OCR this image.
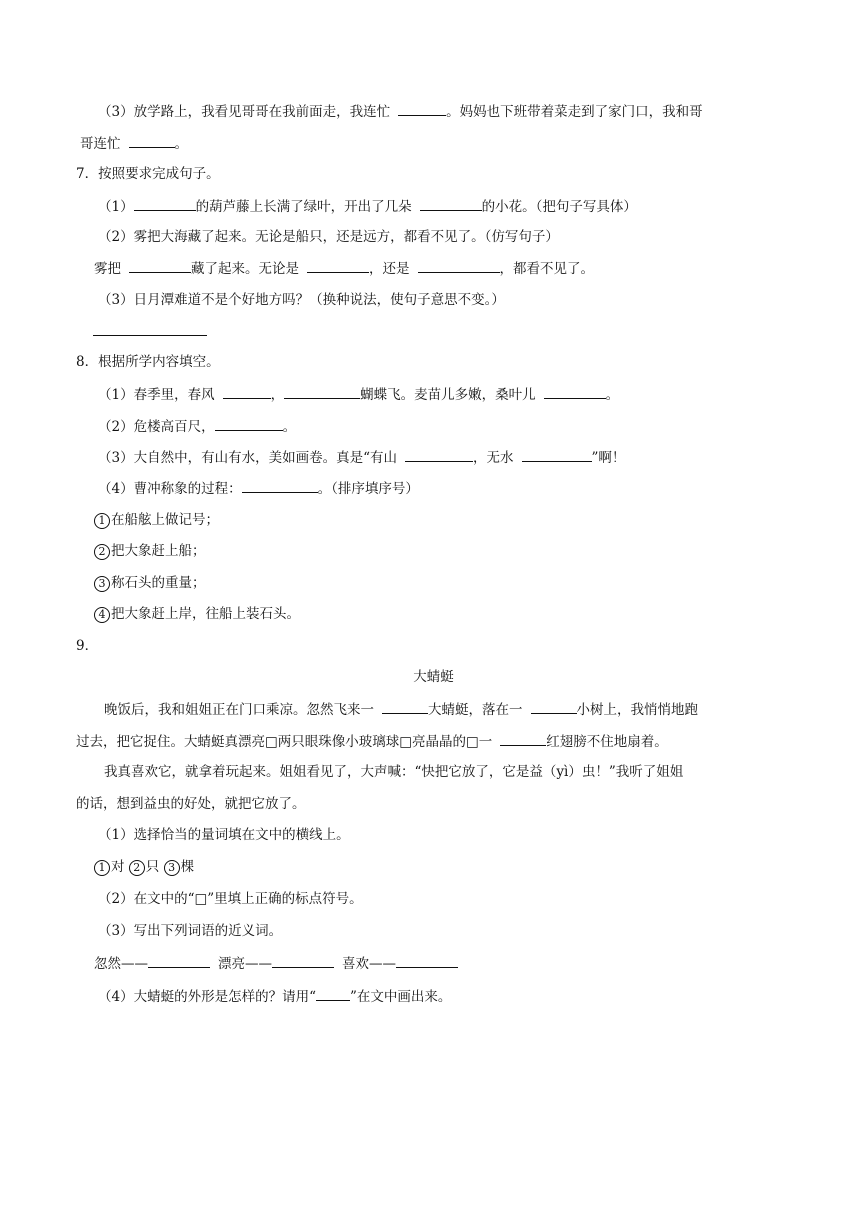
（3）放学路上，我看见哥哥在我前面走，我连忙	。妈妈也下班带着菜走到了家门口，我和哥
哥连忙	。
7．按照要求完成句子。
（1）	的葫芦藤上长满了绿叶，开出了几朵	的小花。（把句子写具体）
（2）雾把大海藏了起来。无论是船只，还是远方，都看不见了。（仿写句子）
雾把	藏了起来。无论是	，还是	，都看不见了。
（3）日月潭难道不是个好地方吗？（换种说法，使句子意思不变。）
8．根据所学内容填空。
（1）春季里，春风	，	蝴蝶飞。麦苗儿多嫩，桑叶儿	。
（2）危楼高百尺，	。
（3）大自然中，有山有水，美如画卷。真是“有山	，无水	”啊！
（4）曹冲称象的过程：	。（排序填序号）
1 在船舷上做记号；
2 把大象赶上船；
3 称石头的重量；
4 把大象赶上岸，往船上装石头。
9．
大蜻蜓
晚饭后，我和姐姐正在门口乘凉。忽然飞来一	大蜻蜓，落在一	小树上，我悄悄地跑
过去，把它捉住。大蜻蜓真漂亮□两只眼珠像小玻璃球□亮晶晶的□一	红翅膀不住地扇着。
我真喜欢它，就拿着玩起来。姐姐看见了，大声喊：“快把它放了，它是益（yì）虫！”我听了姐姐
的话，想到益虫的好处，就把它放了。
（1）选择恰当的量词填在文中的横线上。
1 对 2 只 3 棵
（2）在文中的“□”里填上正确的标点符号。
（3）写出下列词语的近义词。
忽然——	漂亮——	喜欢——
（4）大蜻蜓的外形是怎样的？请用“	”在文中画出来。
